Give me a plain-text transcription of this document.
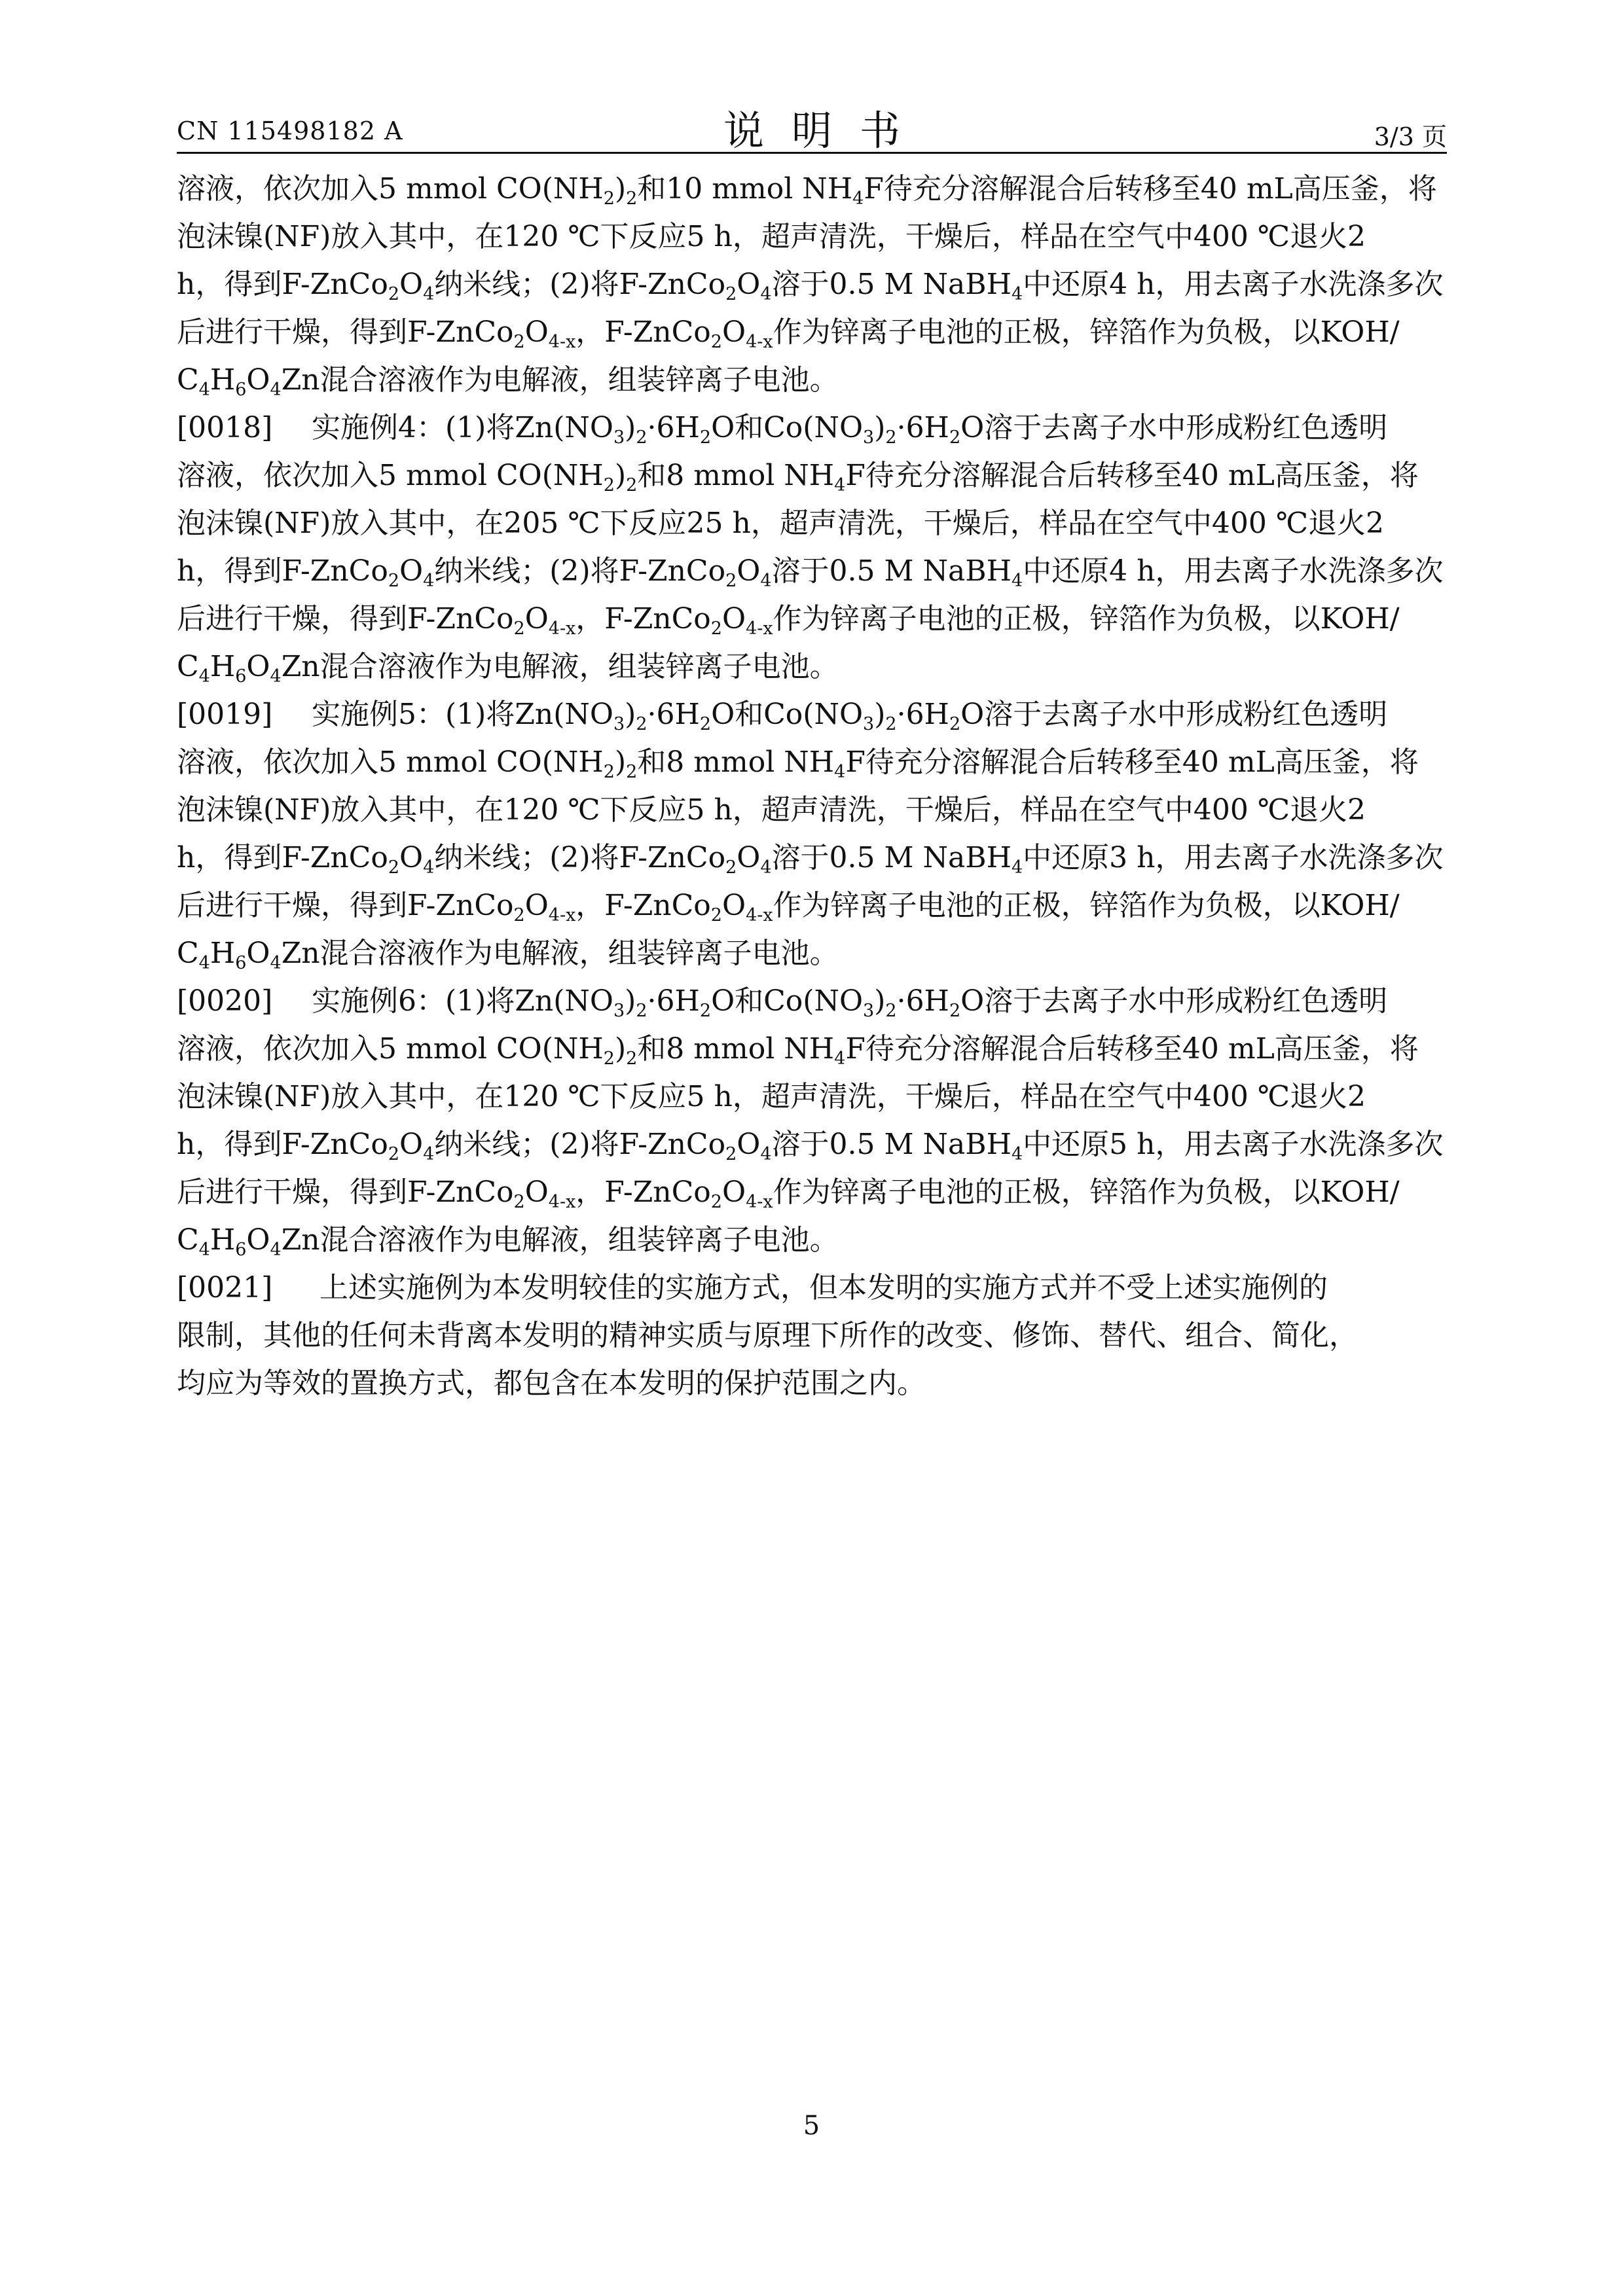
CN 115498182 A	说明书	3/3 页
溶液，依次加入5 mmol $CO(NH_2)_2$和10 mmol $NH_4F$待充分溶解混合后转移至40 mL高压釜，将
泡沫镍(NF)放入其中，在120 ℃下反应5 h，超声清洗，干燥后，样品在空气中400 ℃退火2
h，得到$F-ZnCo_2O_4$纳米线；(2)将$F-ZnCo_2O_4$溶于0.5 M NaBH$_4$中还原4 h，用去离子水洗涤多次
后进行干燥，得到$F-ZnCo_2O_{4-x}$，$F-ZnCo_2O_{4-x}$作为锌离子电池的正极，锌箔作为负极，以KOH/
$C_4H_6O_4Zn$混合溶液作为电解液，组装锌离子电池。
[0018] 实施例4：(1)将$Zn(NO_3)_2\cdot 6H_2O$和$Co(NO_3)_2\cdot 6H_2O$溶于去离子水中形成粉红色透明
溶液，依次加入5 mmol $CO(NH_2)_2$和8 mmol $NH_4F$待充分溶解混合后转移至40 mL高压釜，将
泡沫镍(NF)放入其中，在205 ℃下反应25 h，超声清洗，干燥后，样品在空气中400 ℃退火2
h，得到$F-ZnCo_2O_4$纳米线；(2)将$F-ZnCo_2O_4$溶于0.5 M NaBH$_4$中还原4 h，用去离子水洗涤多次
后进行干燥，得到$F-ZnCo_2O_{4-x}$，$F-ZnCo_2O_{4-x}$作为锌离子电池的正极，锌箔作为负极，以KOH/
$C_4H_6O_4Zn$混合溶液作为电解液，组装锌离子电池。
[0019] 实施例5：(1)将$Zn(NO_3)_2\cdot 6H_2O$和$Co(NO_3)_2\cdot 6H_2O$溶于去离子水中形成粉红色透明
溶液，依次加入5 mmol $CO(NH_2)_2$和8 mmol $NH_4F$待充分溶解混合后转移至40 mL高压釜，将
泡沫镍(NF)放入其中，在120 ℃下反应5 h，超声清洗，干燥后，样品在空气中400 ℃退火2
h，得到$F-ZnCo_2O_4$纳米线；(2)将$F-ZnCo_2O_4$溶于0.5 M NaBH$_4$中还原3 h，用去离子水洗涤多次
后进行干燥，得到$F-ZnCo_2O_{4-x}$，$F-ZnCo_2O_{4-x}$作为锌离子电池的正极，锌箔作为负极，以KOH/
$C_4H_6O_4Zn$混合溶液作为电解液，组装锌离子电池。
[0020] 实施例6：(1)将$Zn(NO_3)_2\cdot 6H_2O$和$Co(NO_3)_2\cdot 6H_2O$溶于去离子水中形成粉红色透明
溶液，依次加入5 mmol $CO(NH_2)_2$和8 mmol $NH_4F$待充分溶解混合后转移至40 mL高压釜，将
泡沫镍(NF)放入其中，在120 ℃下反应5 h，超声清洗，干燥后，样品在空气中400 ℃退火2
h，得到$F-ZnCo_2O_4$纳米线；(2)将$F-ZnCo_2O_4$溶于0.5 M NaBH$_4$中还原5 h，用去离子水洗涤多次
后进行干燥，得到$F-ZnCo_2O_{4-x}$，$F-ZnCo_2O_{4-x}$作为锌离子电池的正极，锌箔作为负极，以KOH/
$C_4H_6O_4Zn$混合溶液作为电解液，组装锌离子电池。
[0021] 上述实施例为本发明较佳的实施方式，但本发明的实施方式并不受上述实施例的
限制，其他的任何未背离本发明的精神实质与原理下所作的改变、修饰、替代、组合、简化，
均应为等效的置换方式，都包含在本发明的保护范围之内。
5
